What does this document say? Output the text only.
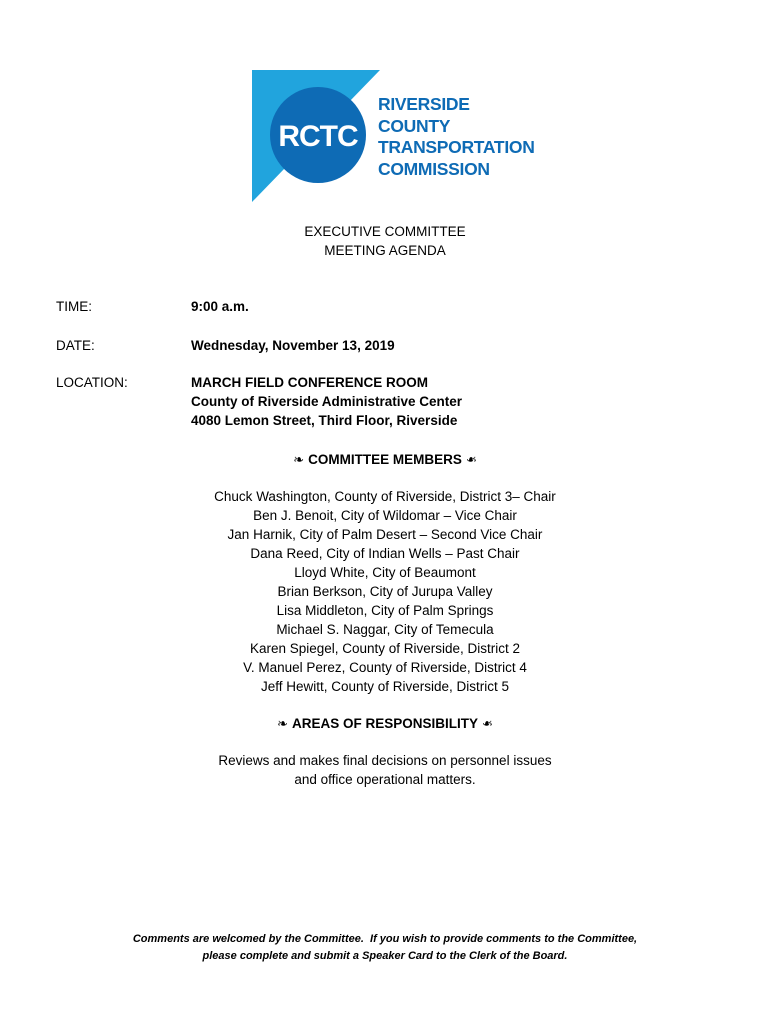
RCTC
RIVERSIDE
COUNTY
TRANSPORTATION
COMMISSION
EXECUTIVE COMMITTEE
MEETING AGENDA
TIME:	9:00 a.m.
DATE:	Wednesday, November 13, 2019
LOCATION:	MARCH FIELD CONFERENCE ROOM
County of Riverside Administrative Center
4080 Lemon Street, Third Floor, Riverside
❧ COMMITTEE MEMBERS ❧
Chuck Washington, County of Riverside, District 3– Chair
Ben J. Benoit, City of Wildomar – Vice Chair
Jan Harnik, City of Palm Desert – Second Vice Chair
Dana Reed, City of Indian Wells – Past Chair
Lloyd White, City of Beaumont
Brian Berkson, City of Jurupa Valley
Lisa Middleton, City of Palm Springs
Michael S. Naggar, City of Temecula
Karen Spiegel, County of Riverside, District 2
V. Manuel Perez, County of Riverside, District 4
Jeff Hewitt, County of Riverside, District 5
❧ AREAS OF RESPONSIBILITY ❧
Reviews and makes final decisions on personnel issues
and office operational matters.
Comments are welcomed by the Committee.  If you wish to provide comments to the Committee,
please complete and submit a Speaker Card to the Clerk of the Board.
